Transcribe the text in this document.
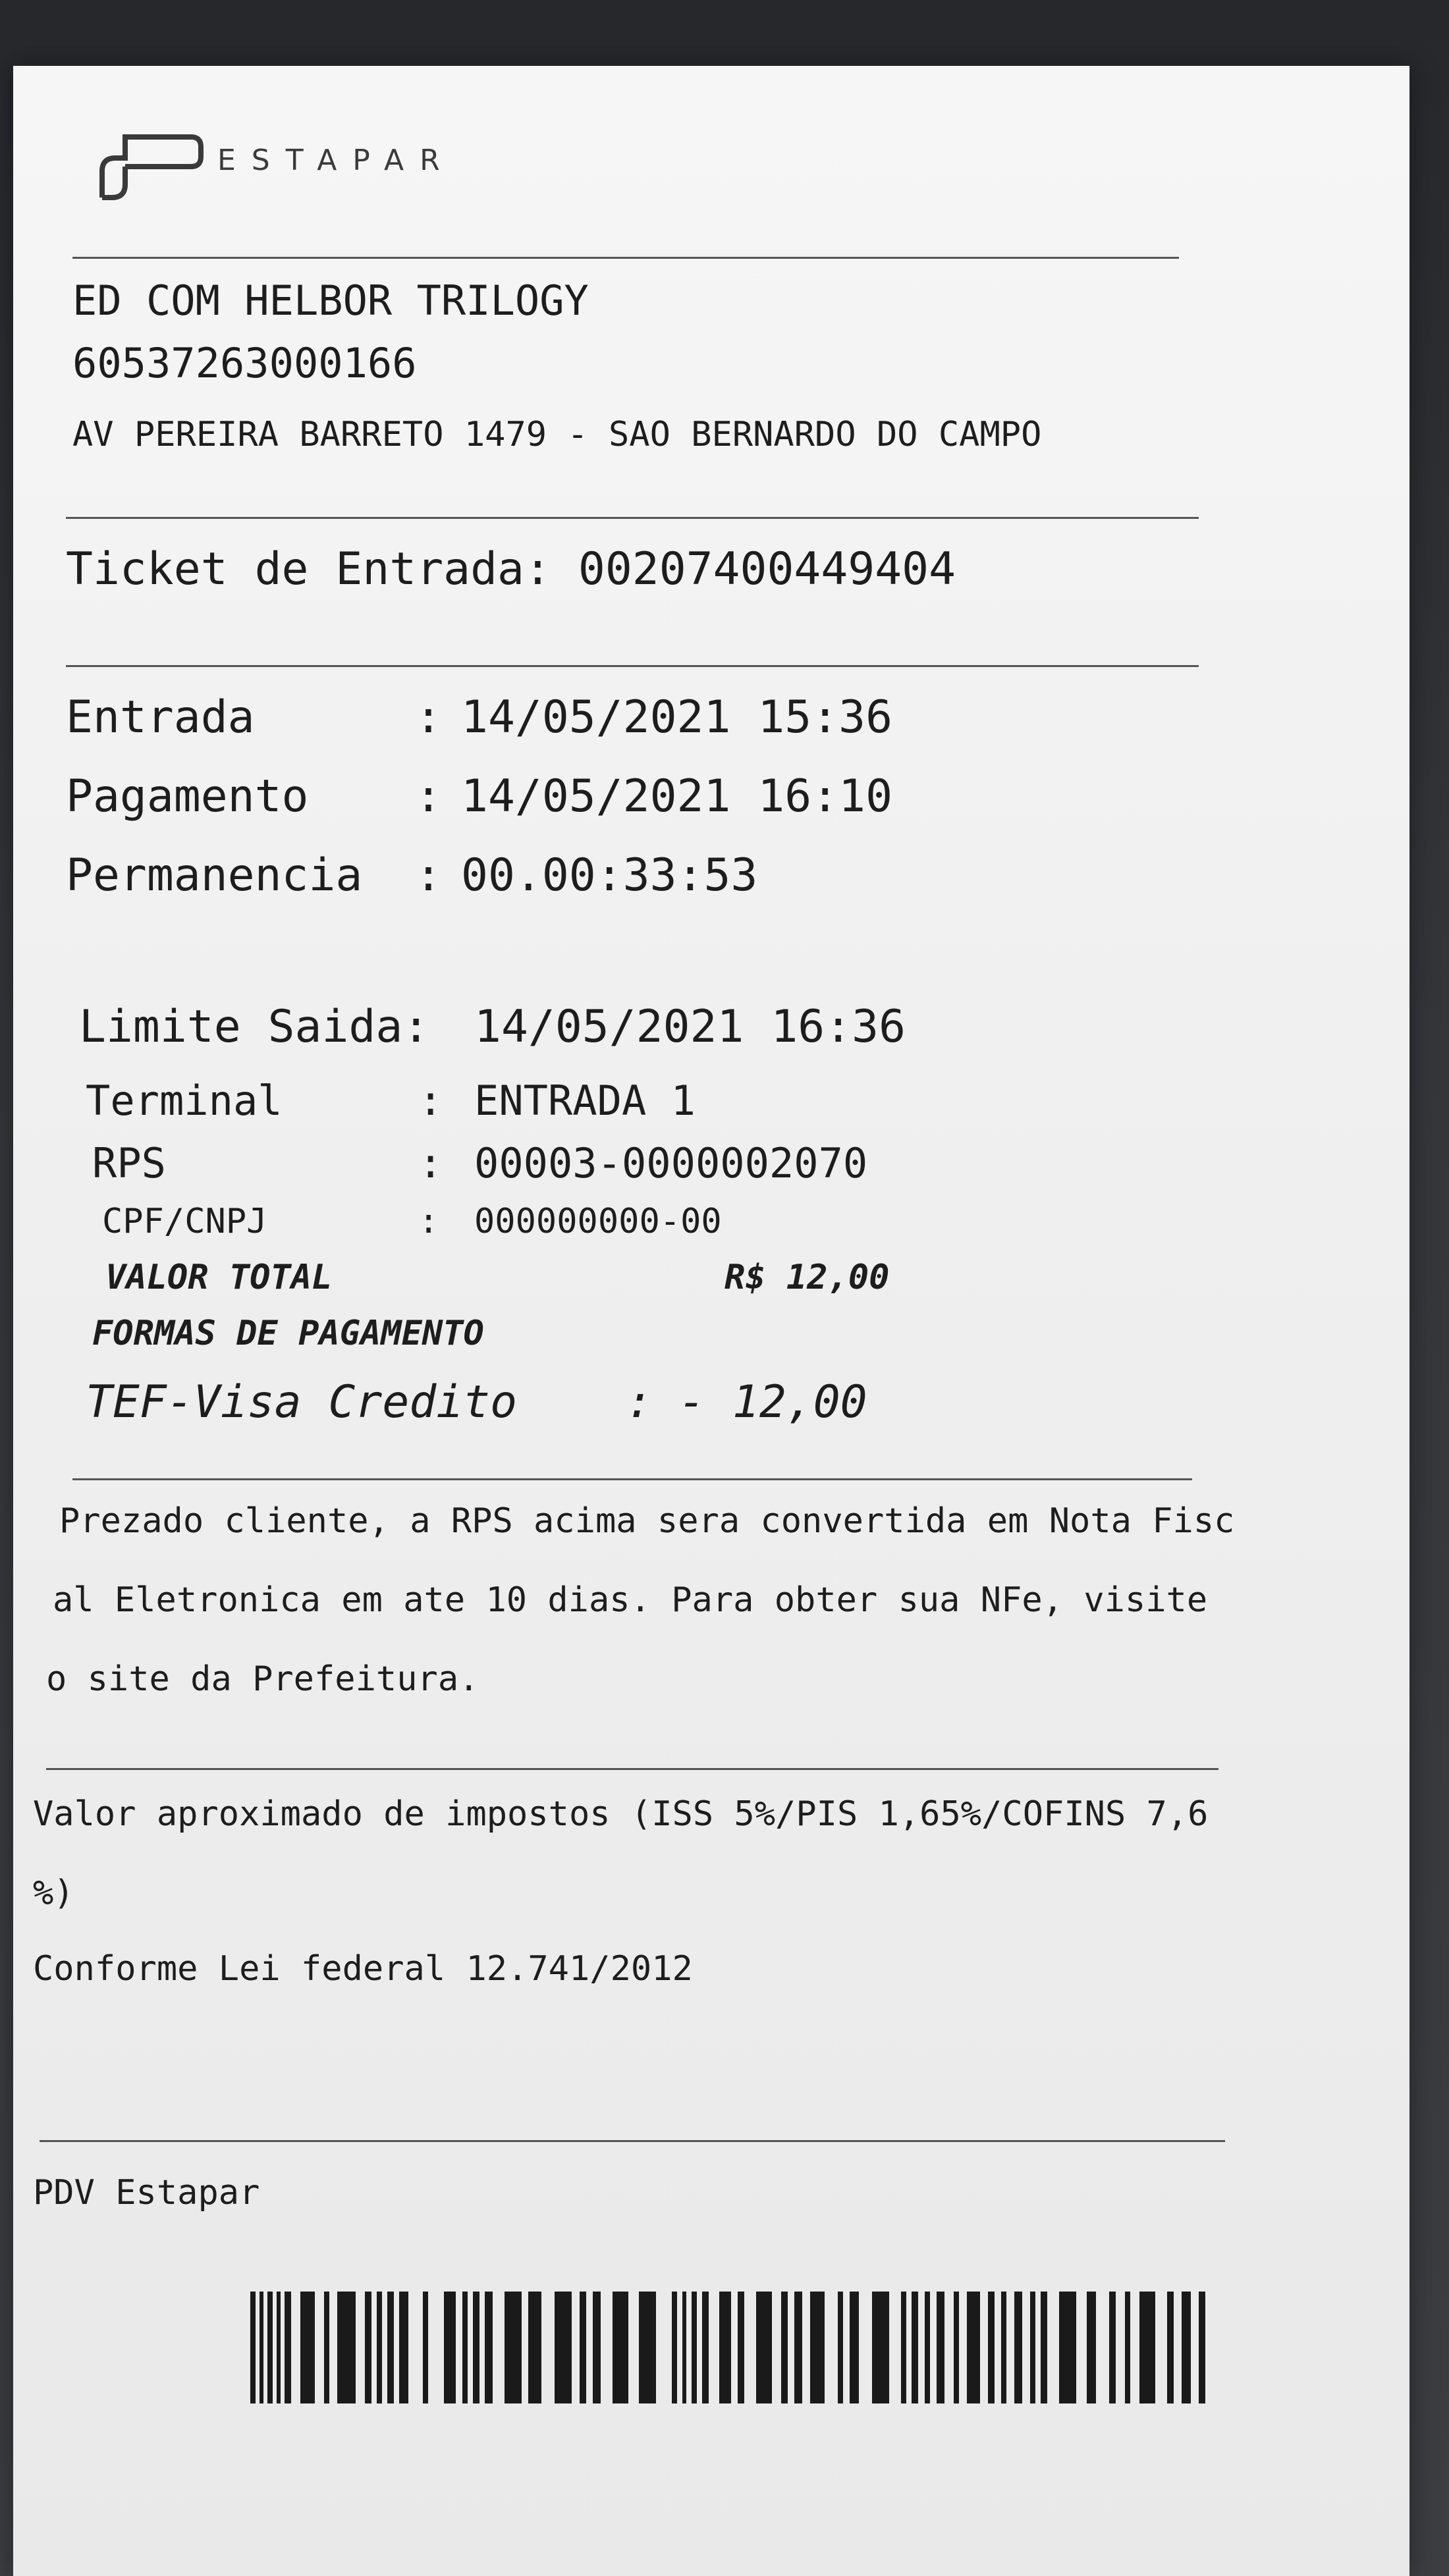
ESTAPAR
ED COM HELBOR TRILOGY
60537263000166
AV PEREIRA BARRETO 1479 - SAO BERNARDO DO CAMPO
Ticket de Entrada: 00207400449404
Entrada	: 14/05/2021 15:36
Pagamento : 14/05/2021 16:10
Permanencia : 00.00:33:53
Limite Saida: 14/05/2021 16:36
Terminal	: ENTRADA 1
RPS	: 00003-0000002070
CPF/CNPJ	: 000000000-00
VALOR TOTAL	R$ 12,00
FORMAS DE PAGAMENTO
TEF-Visa Credito : - 12,00
Prezado cliente, a RPS acima sera convertida em Nota Fisc
al Eletronica em ate 10 dias. Para obter sua NFe, visite
o site da Prefeitura.
Valor aproximado de impostos (ISS 5%/PIS 1,65%/COFINS 7,6
%)
Conforme Lei federal 12.741/2012
PDV Estapar
